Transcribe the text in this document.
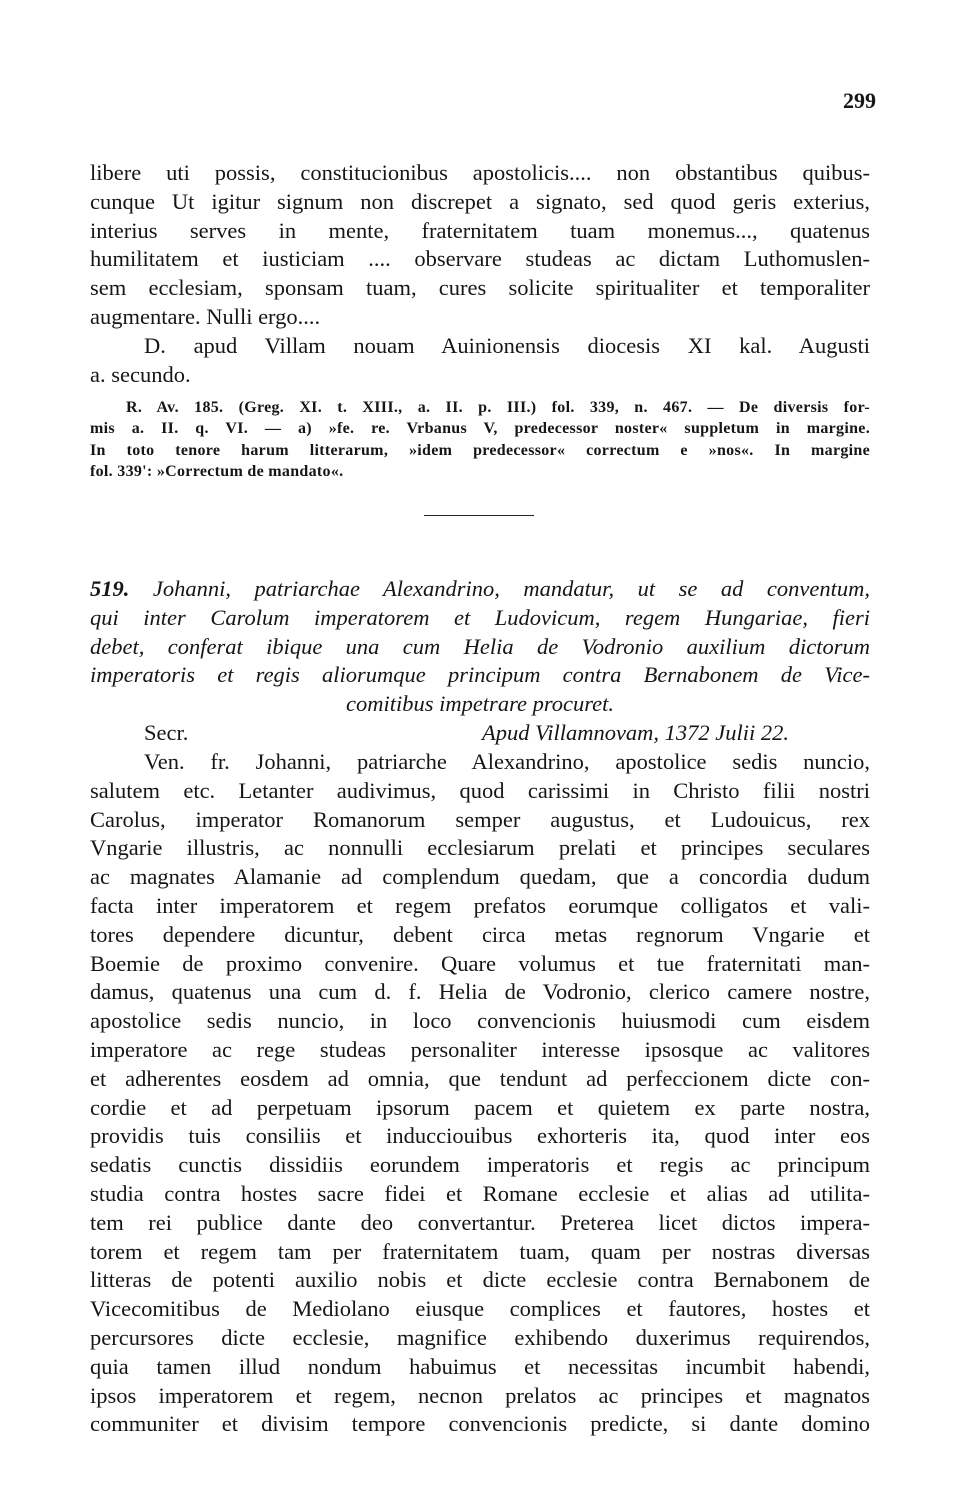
299
libere uti possis, constitucionibus apostolicis.... non obstantibus quibus-
cunque Ut igitur signum non discrepet a signato, sed quod geris exterius,
interius serves in mente, fraternitatem tuam monemus..., quatenus
humilitatem et iusticiam .... observare studeas ac dictam Luthomuslen-
sem ecclesiam, sponsam tuam, cures solicite spiritualiter et temporaliter
augmentare. Nulli ergo....
D. apud Villam nouam Auinionensis diocesis XI kal. Augusti
a. secundo.
R. Av. 185. (Greg. XI. t. XIII., a. II. p. III.) fol. 339, n. 467. — De diversis for-
mis a. II. q. VI. — a) »fe. re. Vrbanus V, predecessor noster« suppletum in margine.
In toto tenore harum litterarum, »idem predecessor« correctum e »nos«. In margine
fol. 339': »Correctum de mandato«.
519. Johanni, patriarchae Alexandrino, mandatur, ut se ad conventum,
qui inter Carolum imperatorem et Ludovicum, regem Hungariae, fieri
debet, conferat ibique una cum Helia de Vodronio auxilium dictorum
imperatoris et regis aliorumque principum contra Bernabonem de Vice-
comitibus impetrare procuret.
Secr.	Apud Villamnovam, 1372 Julii 22.
Ven. fr. Johanni, patriarche Alexandrino, apostolice sedis nuncio,
salutem etc. Letanter audivimus, quod carissimi in Christo filii nostri
Carolus, imperator Romanorum semper augustus, et Ludouicus, rex
Vngarie illustris, ac nonnulli ecclesiarum prelati et principes seculares
ac magnates Alamanie ad complendum quedam, que a concordia dudum
facta inter imperatorem et regem prefatos eorumque colligatos et vali-
tores dependere dicuntur, debent circa metas regnorum Vngarie et
Boemie de proximo convenire. Quare volumus et tue fraternitati man-
damus, quatenus una cum d. f. Helia de Vodronio, clerico camere nostre,
apostolice sedis nuncio, in loco convencionis huiusmodi cum eisdem
imperatore ac rege studeas personaliter interesse ipsosque ac valitores
et adherentes eosdem ad omnia, que tendunt ad perfeccionem dicte con-
cordie et ad perpetuam ipsorum pacem et quietem ex parte nostra,
providis tuis consiliis et inducciouibus exhorteris ita, quod inter eos
sedatis cunctis dissidiis eorundem imperatoris et regis ac principum
studia contra hostes sacre fidei et Romane ecclesie et alias ad utilita-
tem rei publice dante deo convertantur. Preterea licet dictos impera-
torem et regem tam per fraternitatem tuam, quam per nostras diversas
litteras de potenti auxilio nobis et dicte ecclesie contra Bernabonem de
Vicecomitibus de Mediolano eiusque complices et fautores, hostes et
percursores dicte ecclesie, magnifice exhibendo duxerimus requirendos,
quia tamen illud nondum habuimus et necessitas incumbit habendi,
ipsos imperatorem et regem, necnon prelatos ac principes et magnatos
communiter et divisim tempore convencionis predicte, si dante domino
